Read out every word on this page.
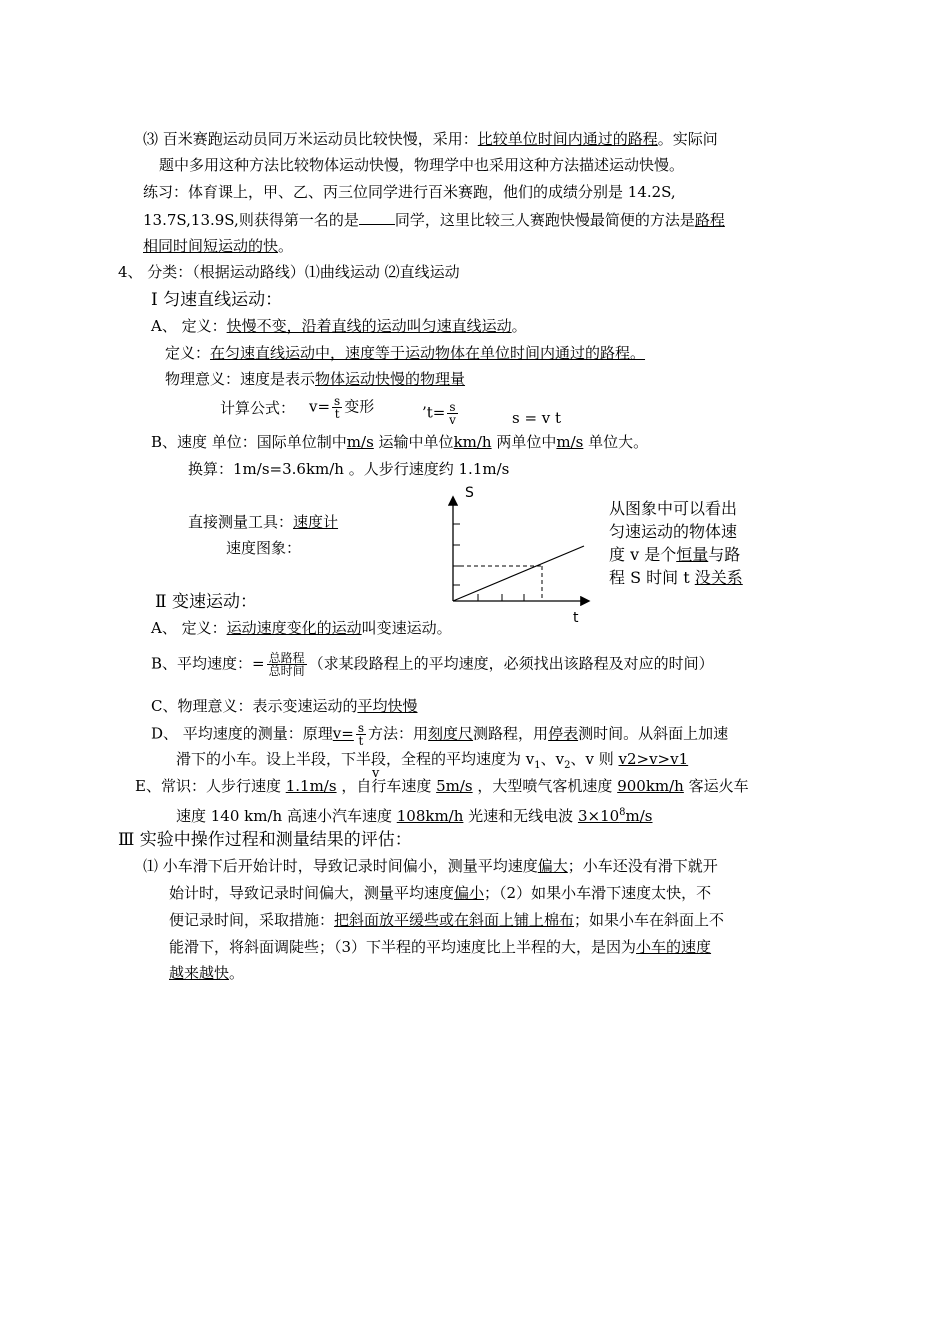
⑶ 百米赛跑运动员同万米运动员比较快慢，采用：比较单位时间内通过的路程。实际问
题中多用这种方法比较物体运动快慢，物理学中也采用这种方法描述运动快慢。
练习：体育课上，甲、乙、丙三位同学进行百米赛跑，他们的成绩分别是 14.2S,
13.7S,13.9S,则获得第一名的是 同学，这里比较三人赛跑快慢最简便的方法是路程
相同时间短运动的快。
4、 分类：（根据运动路线）⑴曲线运动 ⑵直线运动
Ⅰ 匀速直线运动：
A、 定义：快慢不变，沿着直线的运动叫匀速直线运动。
定义：在匀速直线运动中，速度等于运动物体在单位时间内通过的路程。
物理意义：速度是表示物体运动快慢的物理量
计算公式： $v= \frac{s}{t}$ 变形	’t= $\frac{s}{v}$	s = v t
B、速度 单位：国际单位制中m/s 运输中单位km/h 两单位中m/s 单位大。
换算：1m/s=3.6km/h 。人步行速度约 1.1m/s
直接测量工具：速度计
速度图象：
S
t
从图象中可以看出
匀速运动的物体速
度 v 是个恒量与路
程 S 时间 t 没关系
Ⅱ 变速运动：
A、 定义：运动速度变化的运动叫变速运动。
B、平均速度：= $\frac{\text{总路程}}{\text{总时间}}$ （求某段路程上的平均速度，必须找出该路程及对应的时间）
C、物理意义：表示变速运动的平均快慢
D、 平均速度的测量：原理$v= \frac{s}{t}$ 方法：用刻度尺测路程，用停表测时间。从斜面上加速
滑下的小车。设上半段，下半段，全程的平均速度为 $v_1$、$v_2$、v 则 v2>v>v1
v
E、常识：人步行速度 1.1m/s ，自行车速度 5m/s ，大型喷气客机速度 900km/h 客运火车
速度 140 km/h 高速小汽车速度 108km/h 光速和无线电波 $3\times 10^8m/s$
Ⅲ 实验中操作过程和测量结果的评估：
⑴ 小车滑下后开始计时，导致记录时间偏小，测量平均速度偏大；小车还没有滑下就开
始计时，导致记录时间偏大，测量平均速度偏小；（2）如果小车滑下速度太快，不
便记录时间，采取措施：把斜面放平缓些或在斜面上铺上棉布；如果小车在斜面上不
能滑下，将斜面调陡些；（3）下半程的平均速度比上半程的大，是因为小车的速度
越来越快。
